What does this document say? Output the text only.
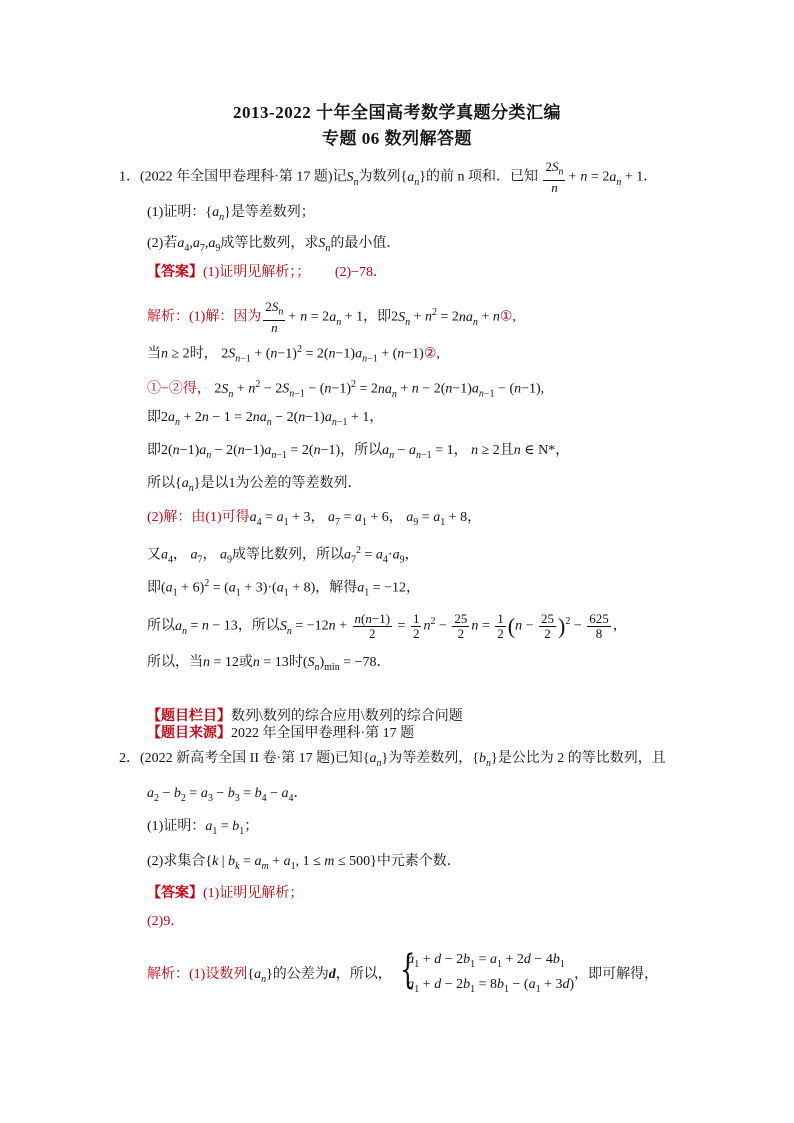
2013-2022 十年全国高考数学真题分类汇编
专题 06 数列解答题
1．(2022 年全国甲卷理科·第 17 题)记$S_n$为数列$\{a_n\}$的前 n 项和．已知 $\frac{2S_n}{n} + n = 2a_n + 1$．
(1)证明：$\{a_n\}$是等差数列；
(2)若$a_4,a_7,a_9$成等比数列，求$S_n$的最小值．
【答案】(1)证明见解析；； (2)−78．
解析：(1)解：因为 $\frac{2S_n}{n} + n = 2a_n + 1$，即$2S_n + n^2 = 2na_n$ + n①,
当n ≥ 2时， $2S_{n-1} + (n-1)^2 = 2(n-1)a_{n-1}$ + (n−1)②,
①−②得， $2S_n + n^2 - 2S_{n-1} - (n-1)^2 = 2na_n + n - 2(n-1)a_{n-1} - (n-1)$,
即$2a_n + 2n - 1 = 2na_n - 2(n-1)a_{n-1} + 1$，
即$2(n-1)a_n - 2(n-1)a_{n-1} = 2(n-1)$，所以$a_n - a_{n-1} = 1$， n ≥ 2且n ∈ N*，
所以$\{a_n\}$是以1为公差的等差数列．
(2)解：由(1)可得$a_4 = a_1 + 3$， $a_7 = a_1 + 6$， $a_9 = a_1 + 8$，
又$a_4$， $a_7$， $a_9$成等比数列，所以$a_7^2 = a_4\cdot a_9$，
即$(a_1 + 6)^2 = (a_1 + 3)\cdot(a_1 + 8)$，解得$a_1 = -12$，
所以$a_n = n - 13$，所以$S_n = -12n + \frac{n(n-1)}{2} = \frac{1}{2} n^2 - \frac{25}{2}$ $n = \frac{1}{2} (n - \frac{25}{2} )^2 - \frac{625}{8}$ ，
所以，当n = 12或n = 13时$(S_n)_{min} = -78$．
【题目栏目】数列\数列的综合应用\数列的综合问题
【题目来源】2022 年全国甲卷理科·第 17 题
2．(2022 新高考全国 II 卷·第 17 题)已知$\{a_n\}$为等差数列，$\{b_n\}$是公比为 2 的等比数列，且
$a_2 - b_2 = a_3 - b_3 = b_4 - a_4$．
(1)证明：$a_1 = b_1$；
(2)求集合{k | $b_k = a_m + a_1$, 1 ≤ m ≤ 500}中元素个数．
【答案】(1)证明见解析；
(2)9．
解析：(1)设数列$\{a_n\}$的公差为d，所以，
{ $a_1 + d - 2b_1 = a_1 + 2d - 4b_1$
$a_1 + d - 2b_1 = 8b_1 - (a_1 + 3d)$
，即可解得，
